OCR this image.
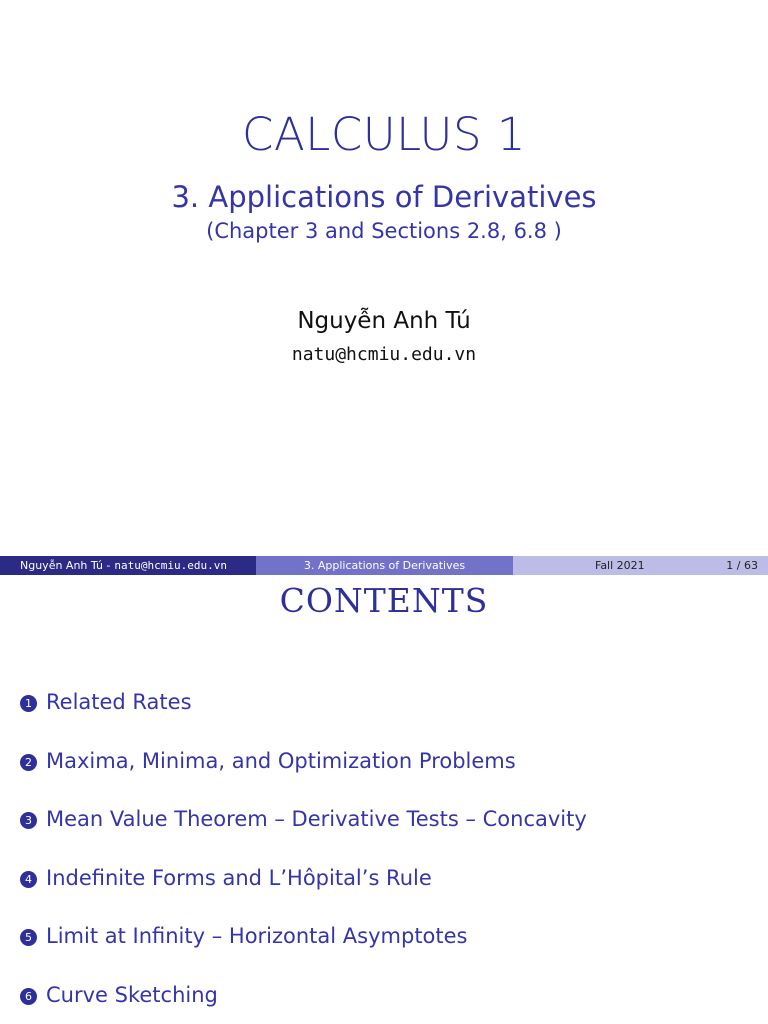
CALCULUS 1
3. Applications of Derivatives
(Chapter 3 and Sections 2.8, 6.8 )
Nguyễn Anh Tú
natu@hcmiu.edu.vn
Nguyễn Anh Tú - natu@hcmiu.edu.vn	3. Applications of Derivatives	Fall 2021	1 / 63
CONTENTS
1 Related Rates
2 Maxima, Minima, and Optimization Problems
3 Mean Value Theorem – Derivative Tests – Concavity
4 Indefinite Forms and L’Hôpital’s Rule
5 Limit at Infinity – Horizontal Asymptotes
6 Curve Sketching
